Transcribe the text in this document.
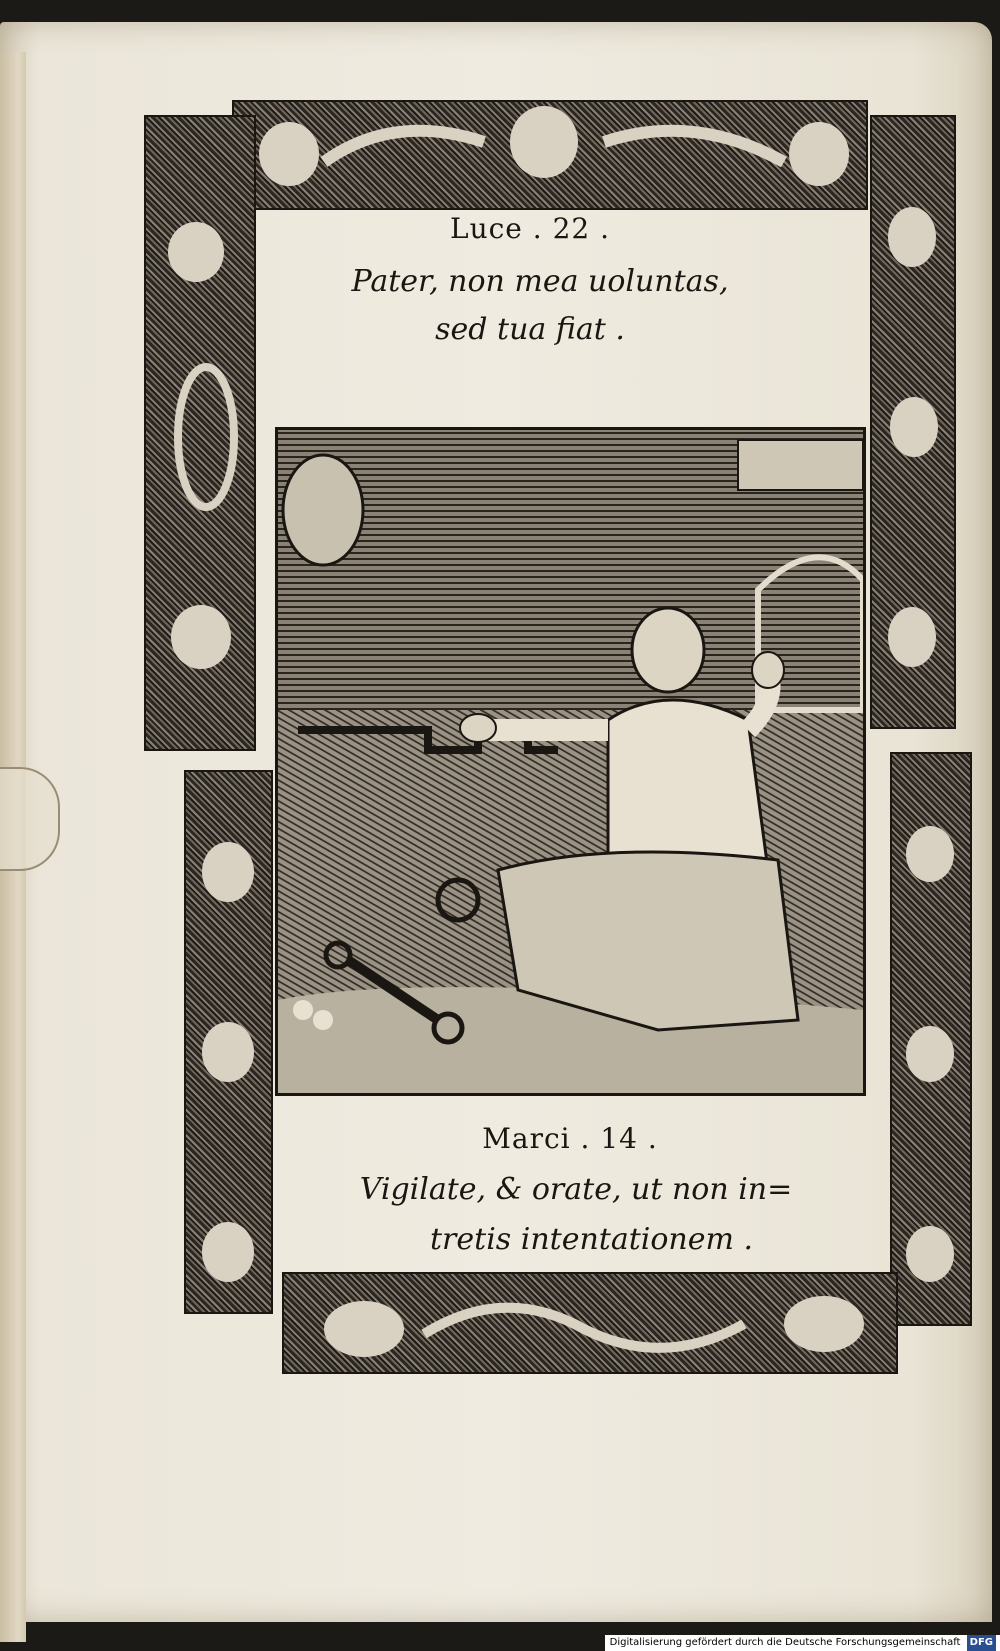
Luce . 22 .
Pater, non mea uoluntas,
sed tua fiat .
Marci . 14 .
Vigilate, & orate, ut non in=
tretis intentationem .
Digitalisierung gefördert durch die Deutsche Forschungsgemeinschaft DFG
